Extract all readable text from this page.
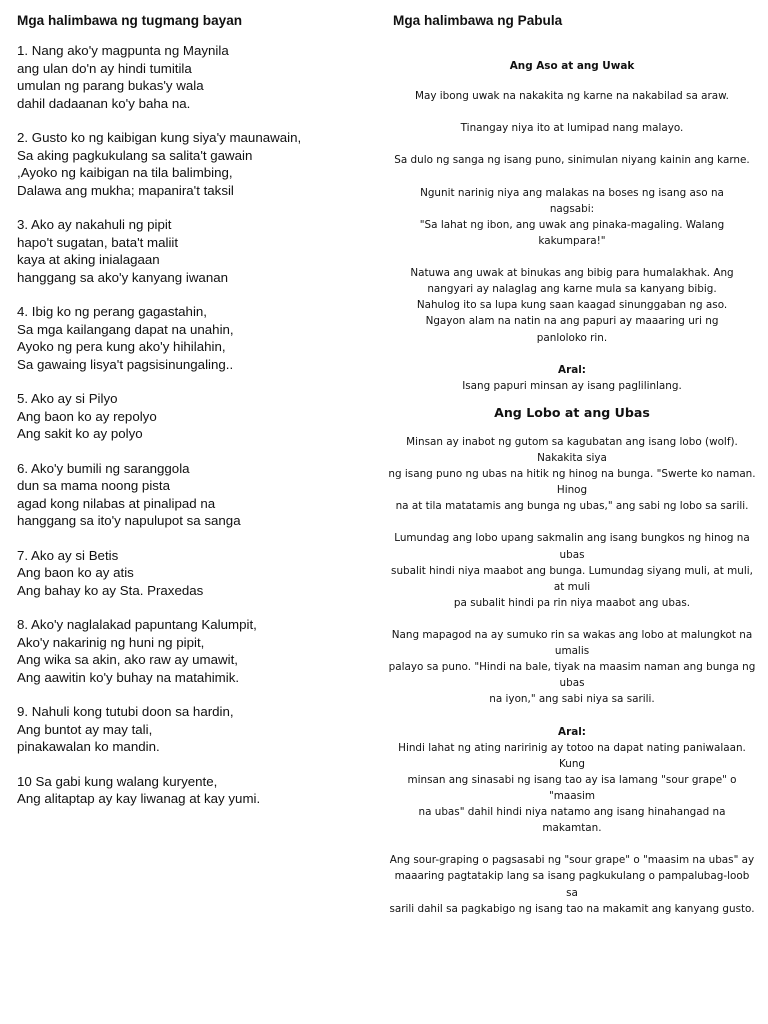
Mga halimbawa ng tugmang bayan
1. Nang ako'y magpunta ng Maynila
ang ulan do'n ay hindi tumitila
umulan ng parang bukas'y wala
dahil dadaanan ko'y baha na.
2. Gusto ko ng kaibigan kung siya'y maunawain,
Sa aking pagkukulang sa salita't gawain
,Ayoko ng kaibigan na tila balimbing,
Dalawa ang mukha; mapanira't taksil
3. Ako ay nakahuli ng pipit
hapo't sugatan, bata't maliit
kaya at aking inialagaan
hanggang sa ako'y kanyang iwanan
4. Ibig ko ng perang gagastahin,
Sa mga kailangang dapat na unahin,
Ayoko ng pera kung ako'y hihilahin,
Sa gawaing lisya't pagsisinungaling..
5. Ako ay si Pilyo
Ang baon ko ay repolyo
Ang sakit ko ay polyo
6. Ako'y bumili ng saranggola
dun sa mama noong pista
agad kong nilabas at pinalipad na
hanggang sa ito'y napulupot sa sanga
7. Ako ay si Betis
Ang baon ko ay atis
Ang bahay ko ay Sta. Praxedas
8. Ako'y naglalakad papuntang Kalumpit,
Ako'y nakarinig ng huni ng pipit,
Ang wika sa akin, ako raw ay umawit,
Ang aawitin ko'y buhay na matahimik.
9. Nahuli kong tutubi doon sa hardin,
Ang buntot ay may tali,
pinakawalan ko mandin.
10 Sa gabi kung walang kuryente,
Ang alitaptap ay kay liwanag at kay yumi.
Mga halimbawa ng Pabula
Ang Aso at ang Uwak

May ibong uwak na nakakita ng karne na nakabilad sa araw.

Tinangay niya ito at lumipad nang malayo.

Sa dulo ng sanga ng isang puno, sinimulan niyang kainin ang karne.

Ngunit narinig niya ang malakas na boses ng isang aso na nagsabi:

"Sa lahat ng ibon, ang uwak ang pinaka-magaling. Walang kakumpara!"

Natuwa ang uwak at binukas ang bibig para humalakhak. Ang nangyari ay nalaglag ang karne mula sa kanyang bibig. Nahulog ito sa lupa kung saan kaagad sinunggaban ng aso. Ngayon alam na natin na ang papuri ay maaaring uri ng panloloko rin.

Aral:

Isang papuri minsan ay isang paglilinlang.

Ang Lobo at ang Ubas

Minsan ay inabot ng gutom sa kagubatan ang isang lobo (wolf). Nakakita siya

ng isang puno ng ubas na hitik ng hinog na bunga. "Swerte ko naman. Hinog

na at tila matatamis ang bunga ng ubas," ang sabi ng lobo sa sarili.

Lumundag ang lobo upang sakmalin ang isang bungkos ng hinog na ubas

subalit hindi niya maabot ang bunga. Lumundag siyang muli, at muli, at muli

pa subalit hindi pa rin niya maabot ang ubas.

Nang mapagod na ay sumuko rin sa wakas ang lobo at malungkot na umalis

palayo sa puno. "Hindi na bale, tiyak na maasim naman ang bunga ng ubas

na iyon," ang sabi niya sa sarili.

Aral:

Hindi lahat ng ating naririnig ay totoo na dapat nating paniwalaan. Kung

minsan ang sinasabi ng isang tao ay isa lamang "sour grape" o "maasim

na ubas" dahil hindi niya natamo ang isang hinahangad na makamtan.

Ang sour-graping o pagsasabi ng "sour grape" o "maasim na ubas" ay

maaaring pagtatakip lang sa isang pagkukulang o pampalubag-loob sa

sarili dahil sa pagkabigo ng isang tao na makamit ang kanyang gusto.
